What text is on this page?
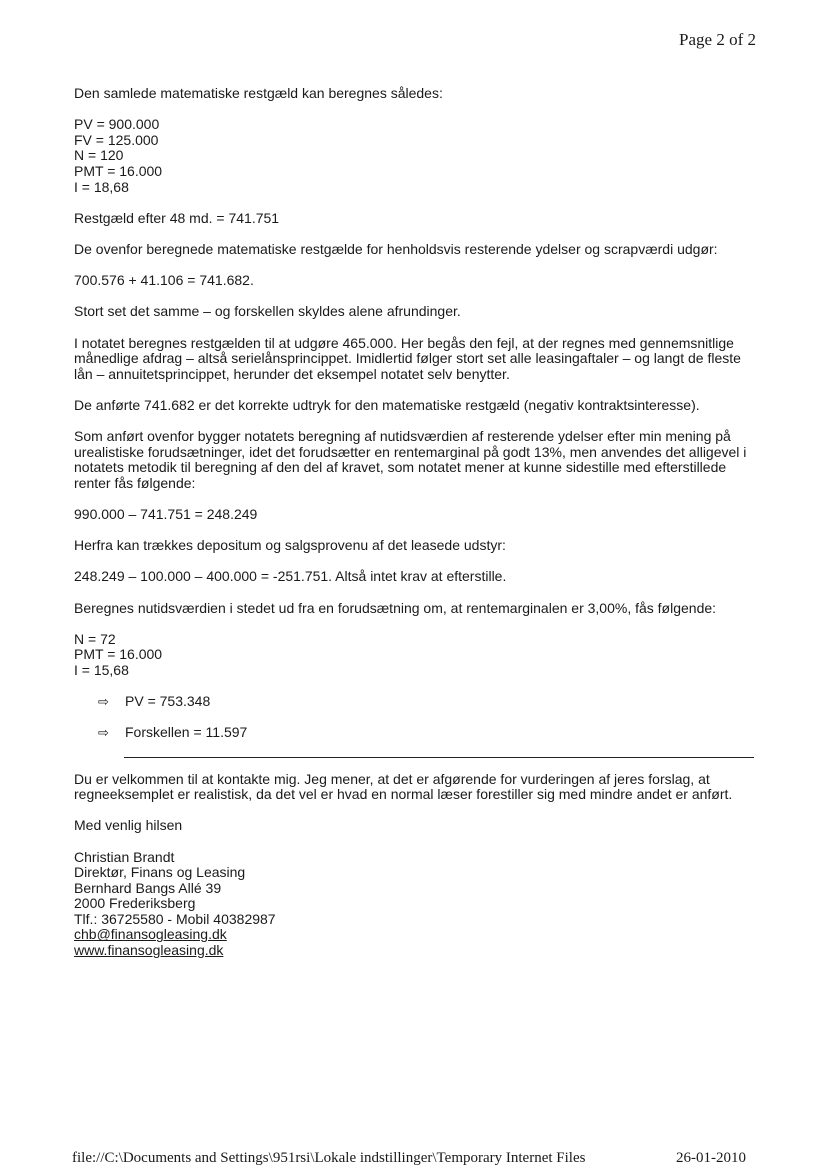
Page 2 of 2

Den samlede matematiske restgæld kan beregnes således:

PV = 900.000
FV = 125.000
N = 120
PMT = 16.000
I = 18,68

Restgæld efter 48 md. = 741.751

De ovenfor beregnede matematiske restgælde for henholdsvis resterende ydelser og scrapværdi udgør:

700.576 + 41.106 = 741.682.

Stort set det samme – og forskellen skyldes alene afrundinger.

I notatet beregnes restgælden til at udgøre 465.000. Her begås den fejl, at der regnes med gennemsnitlige
månedlige afdrag – altså serielånsprincippet. Imidlertid følger stort set alle leasingaftaler – og langt de fleste
lån – annuitetsprincippet, herunder det eksempel notatet selv benytter.

De anførte 741.682 er det korrekte udtryk for den matematiske restgæld (negativ kontraktsinteresse).

Som anført ovenfor bygger notatets beregning af nutidsværdien af resterende ydelser efter min mening på
urealistiske forudsætninger, idet det forudsætter en rentemarginal på godt 13%, men anvendes det alligevel i
notatets metodik til beregning af den del af kravet, som notatet mener at kunne sidestille med efterstillede
renter fås følgende:

990.000 – 741.751 = 248.249

Herfra kan trækkes depositum og salgsprovenu af det leasede udstyr:

248.249 – 100.000 – 400.000 = -251.751. Altså intet krav at efterstille.

Beregnes nutidsværdien i stedet ud fra en forudsætning om, at rentemarginalen er 3,00%, fås følgende:

N = 72
PMT = 16.000
I = 15,68
⇨ PV = 753.348
⇨ Forskellen = 11.597

Du er velkommen til at kontakte mig. Jeg mener, at det er afgørende for vurderingen af jeres forslag, at
regneeksemplet er realistisk, da det vel er hvad en normal læser forestiller sig med mindre andet er anført.

Med venlig hilsen

Christian Brandt
Direktør, Finans og Leasing
Bernhard Bangs Allé 39
2000 Frederiksberg
Tlf.: 36725580 - Mobil 40382987
chb@finansogleasing.dk
www.finansogleasing.dk
file://C:\Documents and Settings\951rsi\Lokale indstillinger\Temporary Internet Files	26-01-2010
